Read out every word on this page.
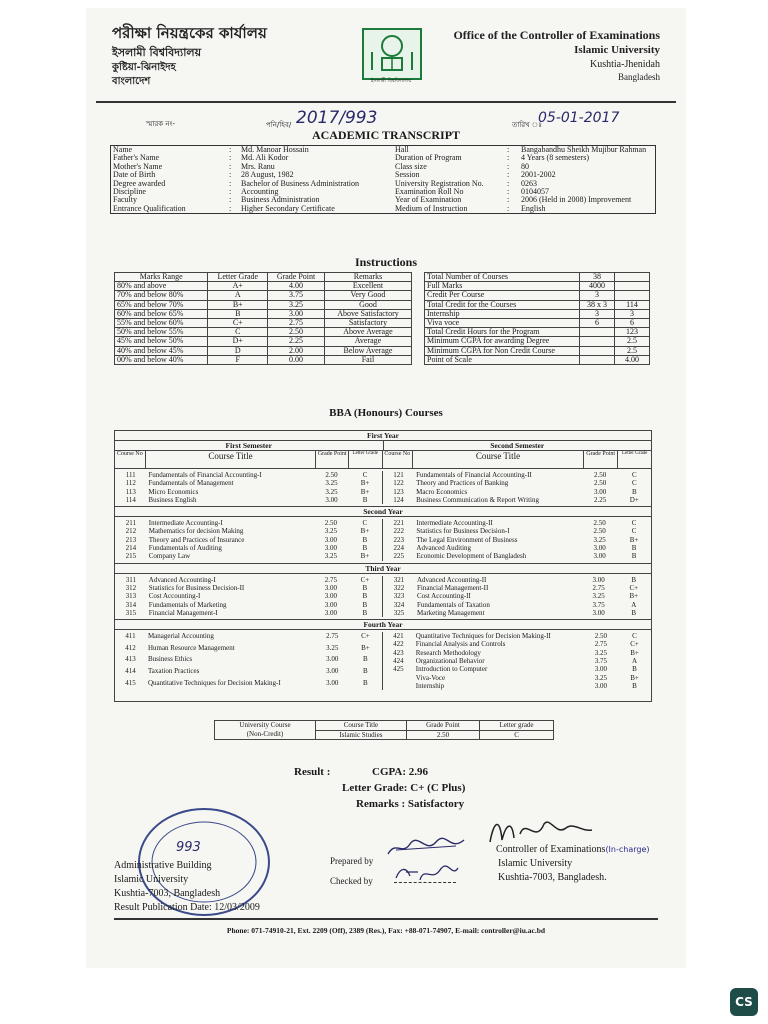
পরীক্ষা নিয়ন্ত্রকের কার্যালয়
ইসলামী বিশ্ববিদ্যালয়
কুষ্টিয়া-ঝিনাইদহ
বাংলাদেশ	ইসলামী বিশ্ববিদ্যালয়
Office of the Controller of Examinations
Islamic University
Kushtia-Jhenidah
Bangladesh
স্মারক নং-	পনি/হিব/ 2017/993	তারিখ ঃ
05-01-2017
ACADEMIC TRANSCRIPT
Name	:	Md. Manoar Hossain	Hall	:	Bangabandhu Sheikh Mujibur Rahman
Father's Name	:	Md. Ali Kodor	Duration of Program	:	4 Years (8 semesters)
Mother's Name	:	Mrs. Ranu	Class size	:	80
Date of Birth	:	28 August, 1982	Session	:	2001-2002
Degree awarded	:	Bachelor of Business Administration	University Registration No.	:	0263
Discipline	:	Accounting	Examination Roll No	:	0104057
Faculty	:	Business Administration	Year of Examination	:	2006 (Held in 2008) Improvement
Entrance Qualification	:	Higher Secondary Certificate	Medium of Instruction	:	English
Instructions
Marks Range	Letter Grade	Grade Point	Remarks
80% and above	A+	4.00	Excellent
70% and below 80%	A	3.75	Very Good
65% and below 70%	B+	3.25	Good
60% and below 65%	B	3.00	Above Satisfactory
55% and below 60%	C+	2.75	Satisfactory
50% and below 55%	C	2.50	Above Average
45% and below 50%	D+	2.25	Average
40% and below 45%	D	2.00	Below Average
00% and below 40%	F	0.00	Fail
Total Number of Courses	38	
Full Marks	4000	
Credit Per Course	3	
Total Credit for the Courses	38 x 3	114
Internship	3	3
Viva voce	6	6
Total Credit Hours for the Program		123
Minimum CGPA for awarding Degree		2.5
Minimum CGPA for Non Credit Course		2.5
Point of Scale		4.00
BBA (Honours) Courses
First Year
First Semester	Second Semester
Course No	Course Title	Grade Point	Letter Grade	Course No	Course Title	Grade Point	Letter Grade
111	Fundamentals of Financial Accounting-I	2.50	C
112	Fundamentals of Management	3.25	B+
113	Micro Economics	3.25	B+
114	Business English	3.00	B
121	Fundamentals of Financial Accounting-II	2.50	C
122	Theory and Practices of Banking	2.50	C
123	Macro Economics	3.00	B
124	Business Communication & Report Writing	2.25	D+
Second Year
211	Intermediate Accounting-I	2.50	C
212	Mathematics for decision Making	3.25	B+
213	Theory and Practices of Insurance	3.00	B
214	Fundamentals of Auditing	3.00	B
215	Company Law	3.25	B+
221	Intermediate Accounting-II	2.50	C
222	Statistics for Business Decision-I	2.50	C
223	The Legal Environment of Business	3.25	B+
224	Advanced Auditing	3.00	B
225	Economic Development of Bangladesh	3.00	B
Third Year
311	Advanced Accounting-I	2.75	C+
312	Statistics for Business Decision-II	3.00	B
313	Cost Accounting-I	3.00	B
314	Fundamentals of Marketing	3.00	B
315	Financial Management-I	3.00	B
321	Advanced Accounting-II	3.00	B
322	Financial Management-II	2.75	C+
323	Cost Accounting-II	3.25	B+
324	Fundamentals of Taxation	3.75	A
325	Marketing Management	3.00	B
Fourth Year
411	Managerial Accounting	2.75	C+
412	Human Resource Management	3.25	B+
413	Business Ethics	3.00	B
414	Taxation Practices	3.00	B
415	Quantitative Techniques for Decision Making-I	3.00	B

421	Quantitative Techniques for Decision Making-II	2.50	C
422	Financial Analysis and Controls	2.75	C+
423	Research Methodology	3.25	B+
424	Organizational Behavior	3.75	A
425	Introduction to Computer	3.00	B
	Viva-Voce	3.25	B+
	Internship	3.00	B
University Course
(Non-Credit)	Course Title	Grade Point	Letter grade
	Islamic Studies	2.50	C
Result :	CGPA: 2.96
Letter Grade: C+ (C Plus)
Remarks : Satisfactory
993
Administrative Building
Islamic University
Kushtia-7003, Bangladesh
Result Publication Date: 12/03/2009
Prepared by
Checked by
Controller of Examinations(In-charge)
Islamic University
Kushtia-7003, Bangladesh.
Phone: 071-74910-21, Ext. 2209 (Off), 2389 (Res.), Fax: +88-071-74907, E-mail: controller@iu.ac.bd
CS
